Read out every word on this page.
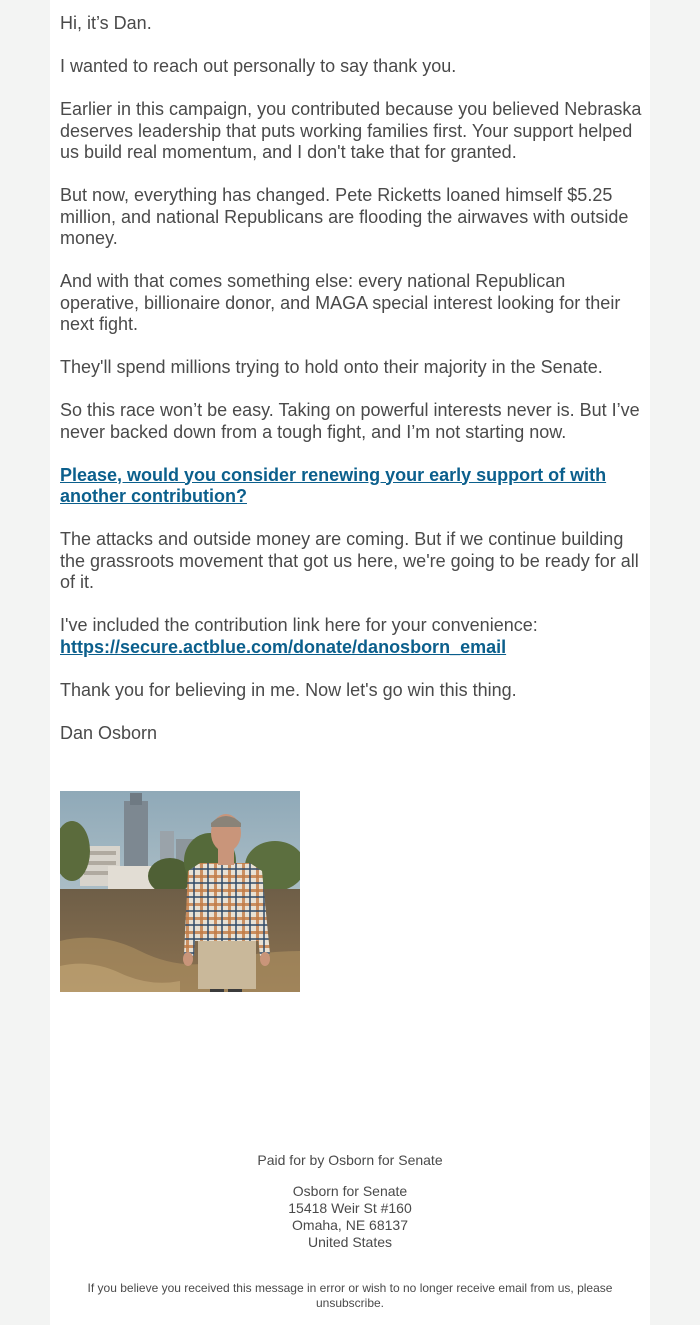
Hi, it’s Dan.

I wanted to reach out personally to say thank you.

Earlier in this campaign, you contributed because you believed Nebraska deserves leadership that puts working families first. Your support helped us build real momentum, and I don't take that for granted.

But now, everything has changed. Pete Ricketts loaned himself $5.25 million, and national Republicans are flooding the airwaves with outside money.

And with that comes something else: every national Republican operative, billionaire donor, and MAGA special interest looking for their next fight.

They'll spend millions trying to hold onto their majority in the Senate.

So this race won’t be easy. Taking on powerful interests never is. But I’ve never backed down from a tough fight, and I’m not starting now.

Please, would you consider renewing your early support of with another contribution?

The attacks and outside money are coming. But if we continue building the grassroots movement that got us here, we're going to be ready for all of it.

I've included the contribution link here for your convenience:
https://secure.actblue.com/donate/danosborn_email

Thank you for believing in me. Now let's go win this thing.

Dan Osborn

Paid for by Osborn for Senate
Osborn for Senate
15418 Weir St #160
Omaha, NE 68137
United States
If you believe you received this message in error or wish to no longer receive email from us, please unsubscribe.
